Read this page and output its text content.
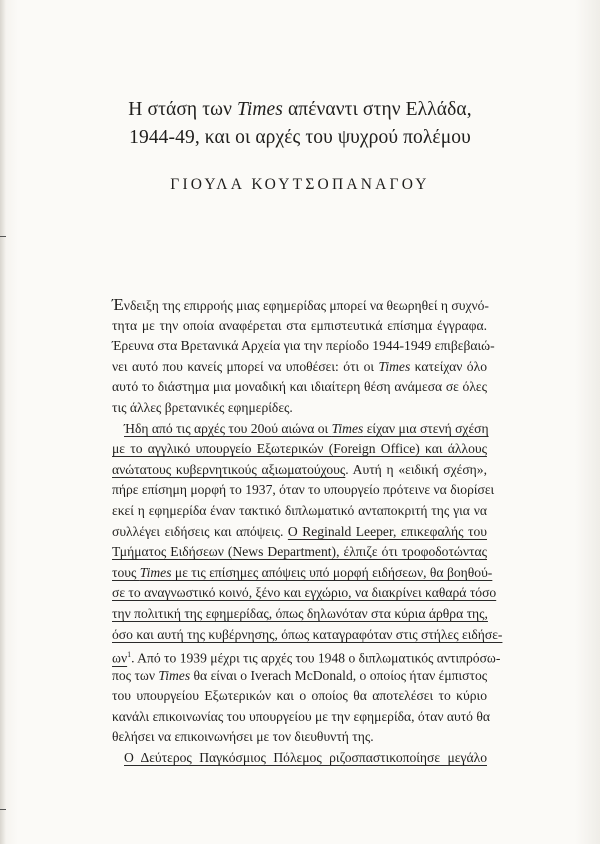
Η στάση των Times απέναντι στην Ελλάδα,
1944-49, και οι αρχές του ψυχρού πολέμου
ΓΙΟΥΛΑ ΚΟΥΤΣΟΠΑΝΑΓΟΥ
Ένδειξη της επιρροής μιας εφημερίδας μπορεί να θεωρηθεί η συχνό-
τητα με την οποία αναφέρεται στα εμπιστευτικά επίσημα έγγραφα.
Έρευνα στα Βρετανικά Αρχεία για την περίοδο 1944-1949 επιβεβαιώ-
νει αυτό που κανείς μπορεί να υποθέσει: ότι οι Times κατείχαν όλο
αυτό το διάστημα μια μοναδική και ιδιαίτερη θέση ανάμεσα σε όλες
τις άλλες βρετανικές εφημερίδες.
Ήδη από τις αρχές του 20ού αιώνα οι Times είχαν μια στενή σχέση
με το αγγλικό υπουργείο Εξωτερικών (Foreign Office) και άλλους
ανώτατους κυβερνητικούς αξιωματούχους. Αυτή η «ειδική σχέση»,
πήρε επίσημη μορφή το 1937, όταν το υπουργείο πρότεινε να διορίσει
εκεί η εφημερίδα έναν τακτικό διπλωματικό ανταποκριτή της για να
συλλέγει ειδήσεις και απόψεις. Ο Reginald Leeper, επικεφαλής του
Τμήματος Ειδήσεων (News Department), έλπιζε ότι τροφοδοτώντας
τους Times με τις επίσημες απόψεις υπό μορφή ειδήσεων, θα βοηθού-
σε το αναγνωστικό κοινό, ξένο και εγχώριο, να διακρίνει καθαρά τόσο
την πολιτική της εφημερίδας, όπως δηλωνόταν στα κύρια άρθρα της,
όσο και αυτή της κυβέρνησης, όπως καταγραφόταν στις στήλες ειδήσε-
$\omega\nu^1$. Από το 1939 μέχρι τις αρχές του 1948 ο διπλωματικός αντιπρόσω-
πος των Times θα είναι ο Iverach McDonald, ο οποίος ήταν έμπιστος
του υπουργείου Εξωτερικών και ο οποίος θα αποτελέσει το κύριο
κανάλι επικοινωνίας του υπουργείου με την εφημερίδα, όταν αυτό θα
θελήσει να επικοινωνήσει με τον διευθυντή της.
Ο Δεύτερος Παγκόσμιος Πόλεμος ριζοσπαστικοποίησε μεγάλο
